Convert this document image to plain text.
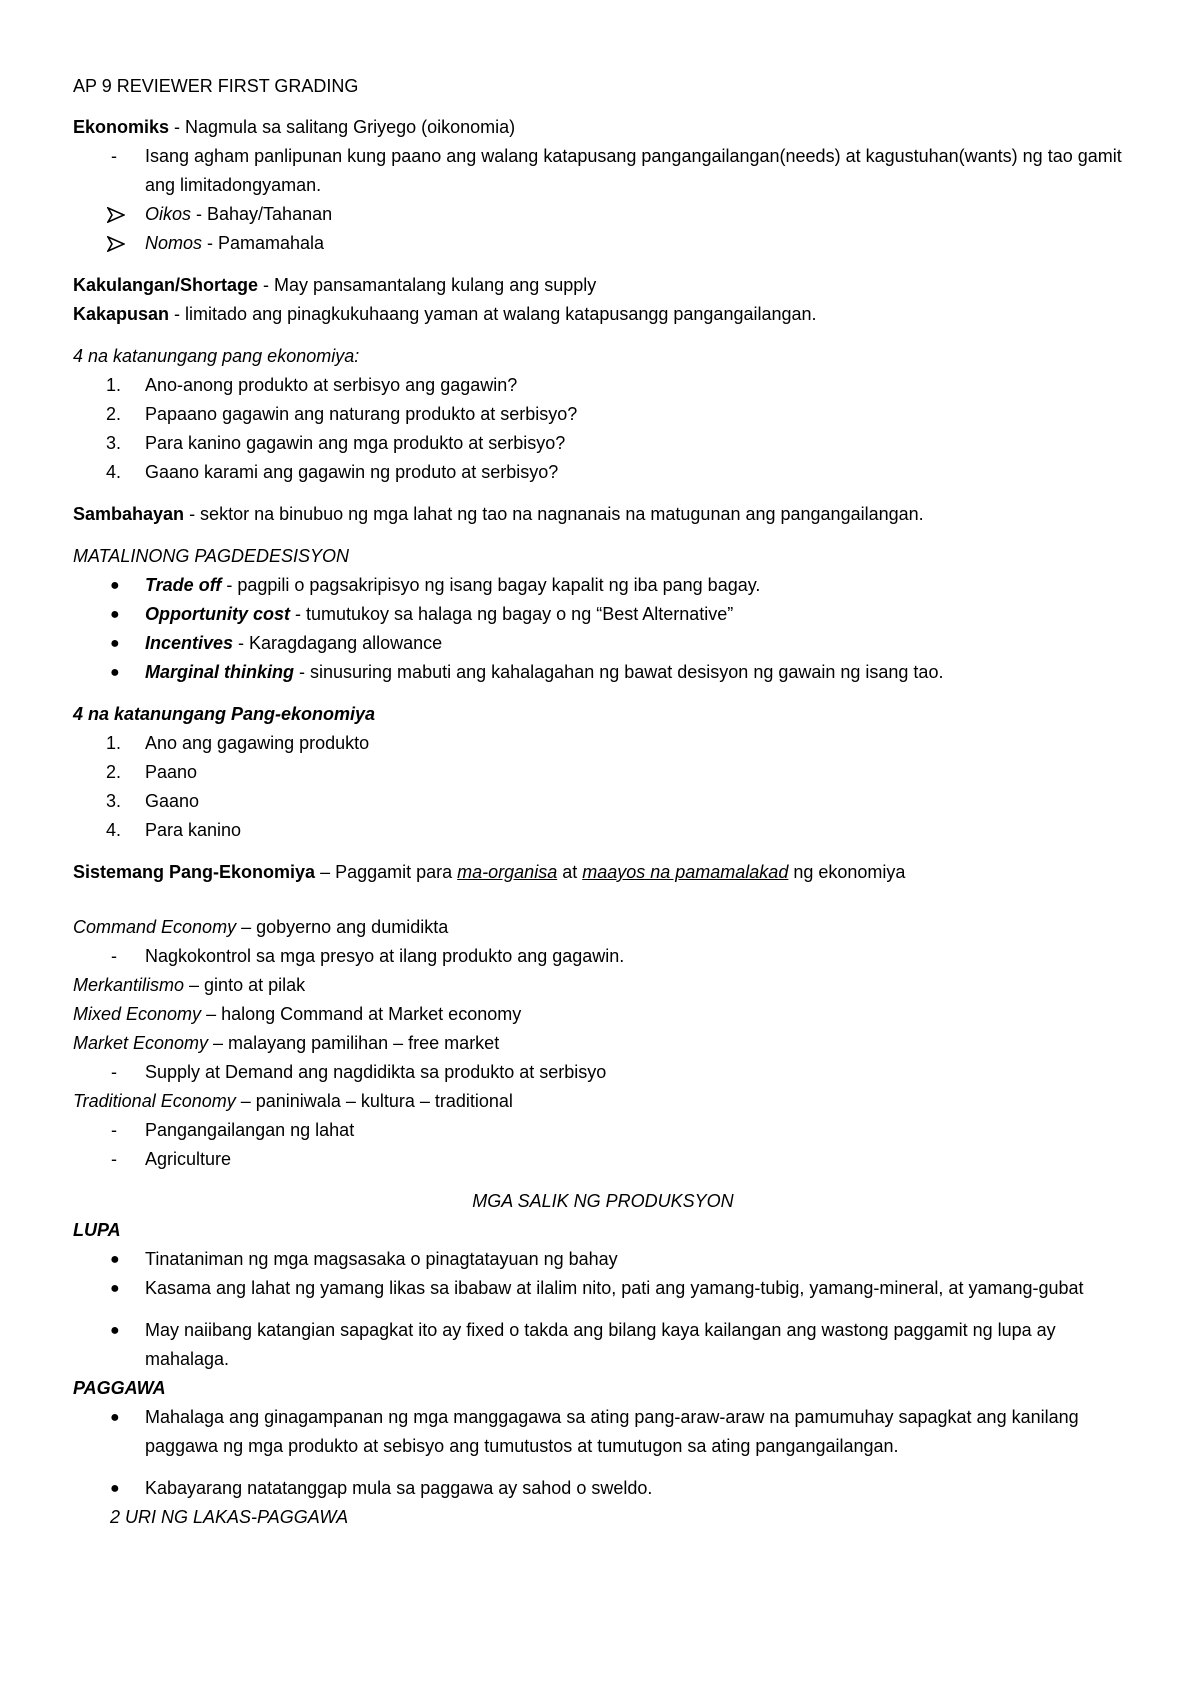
AP 9 REVIEWER FIRST GRADING

Ekonomiks - Nagmula sa salitang Griyego (oikonomia)

-	Isang agham panlipunan kung paano ang walang katapusang pangangailangan(needs) at kagustuhan(wants) ng tao gamit ang limitadongyaman.
Oikos - Bahay/Tahanan
Nomos - Pamamahala

Kakulangan/Shortage - May pansamantalang kulang ang supply

Kakapusan - limitado ang pinagkukuhaang yaman at walang katapusangg pangangailangan.

4 na katanungang pang ekonomiya:

1.	Ano-anong produkto at serbisyo ang gagawin?
2.	Papaano gagawin ang naturang produkto at serbisyo?
3.	Para kanino gagawin ang mga produkto at serbisyo?
4.	Gaano karami ang gagawin ng produto at serbisyo?

Sambahayan - sektor na binubuo ng mga lahat ng tao na nagnanais na matugunan ang pangangailangan.

MATALINONG PAGDEDESISYON

●	Trade off - pagpili o pagsakripisyo ng isang bagay kapalit ng iba pang bagay.
●	Opportunity cost - tumutukoy sa halaga ng bagay o ng “Best Alternative”
●	Incentives - Karagdagang allowance
●	Marginal thinking - sinusuring mabuti ang kahalagahan ng bawat desisyon ng gawain ng isang tao.

4 na katanungang Pang-ekonomiya

1.	Ano ang gagawing produkto
2.	Paano
3.	Gaano
4.	Para kanino

Sistemang Pang-Ekonomiya – Paggamit para ma-organisa at maayos na pamamalakad ng ekonomiya

Command Economy – gobyerno ang dumidikta

-	Nagkokontrol sa mga presyo at ilang produkto ang gagawin.

Merkantilismo – ginto at pilak

Mixed Economy – halong Command at Market economy

Market Economy – malayang pamilihan – free market

-	Supply at Demand ang nagdidikta sa produkto at serbisyo

Traditional Economy – paniniwala – kultura – traditional

-	Pangangailangan ng lahat
-	Agriculture

MGA SALIK NG PRODUKSYON

LUPA

●	Tinataniman ng mga magsasaka o pinagtatayuan ng bahay
●	Kasama ang lahat ng yamang likas sa ibabaw at ilalim nito, pati ang yamang-tubig, yamang-mineral, at yamang-gubat
●	May naiibang katangian sapagkat ito ay fixed o takda ang bilang kaya kailangan ang wastong paggamit ng lupa ay mahalaga.

PAGGAWA

●	Mahalaga ang ginagampanan ng mga manggagawa sa ating pang-araw-araw na pamumuhay sapagkat ang kanilang paggawa ng mga produkto at sebisyo ang tumutustos at tumutugon sa ating pangangailangan.
●	Kabayarang natatanggap mula sa paggawa ay sahod o sweldo.

2 URI NG LAKAS-PAGGAWA
